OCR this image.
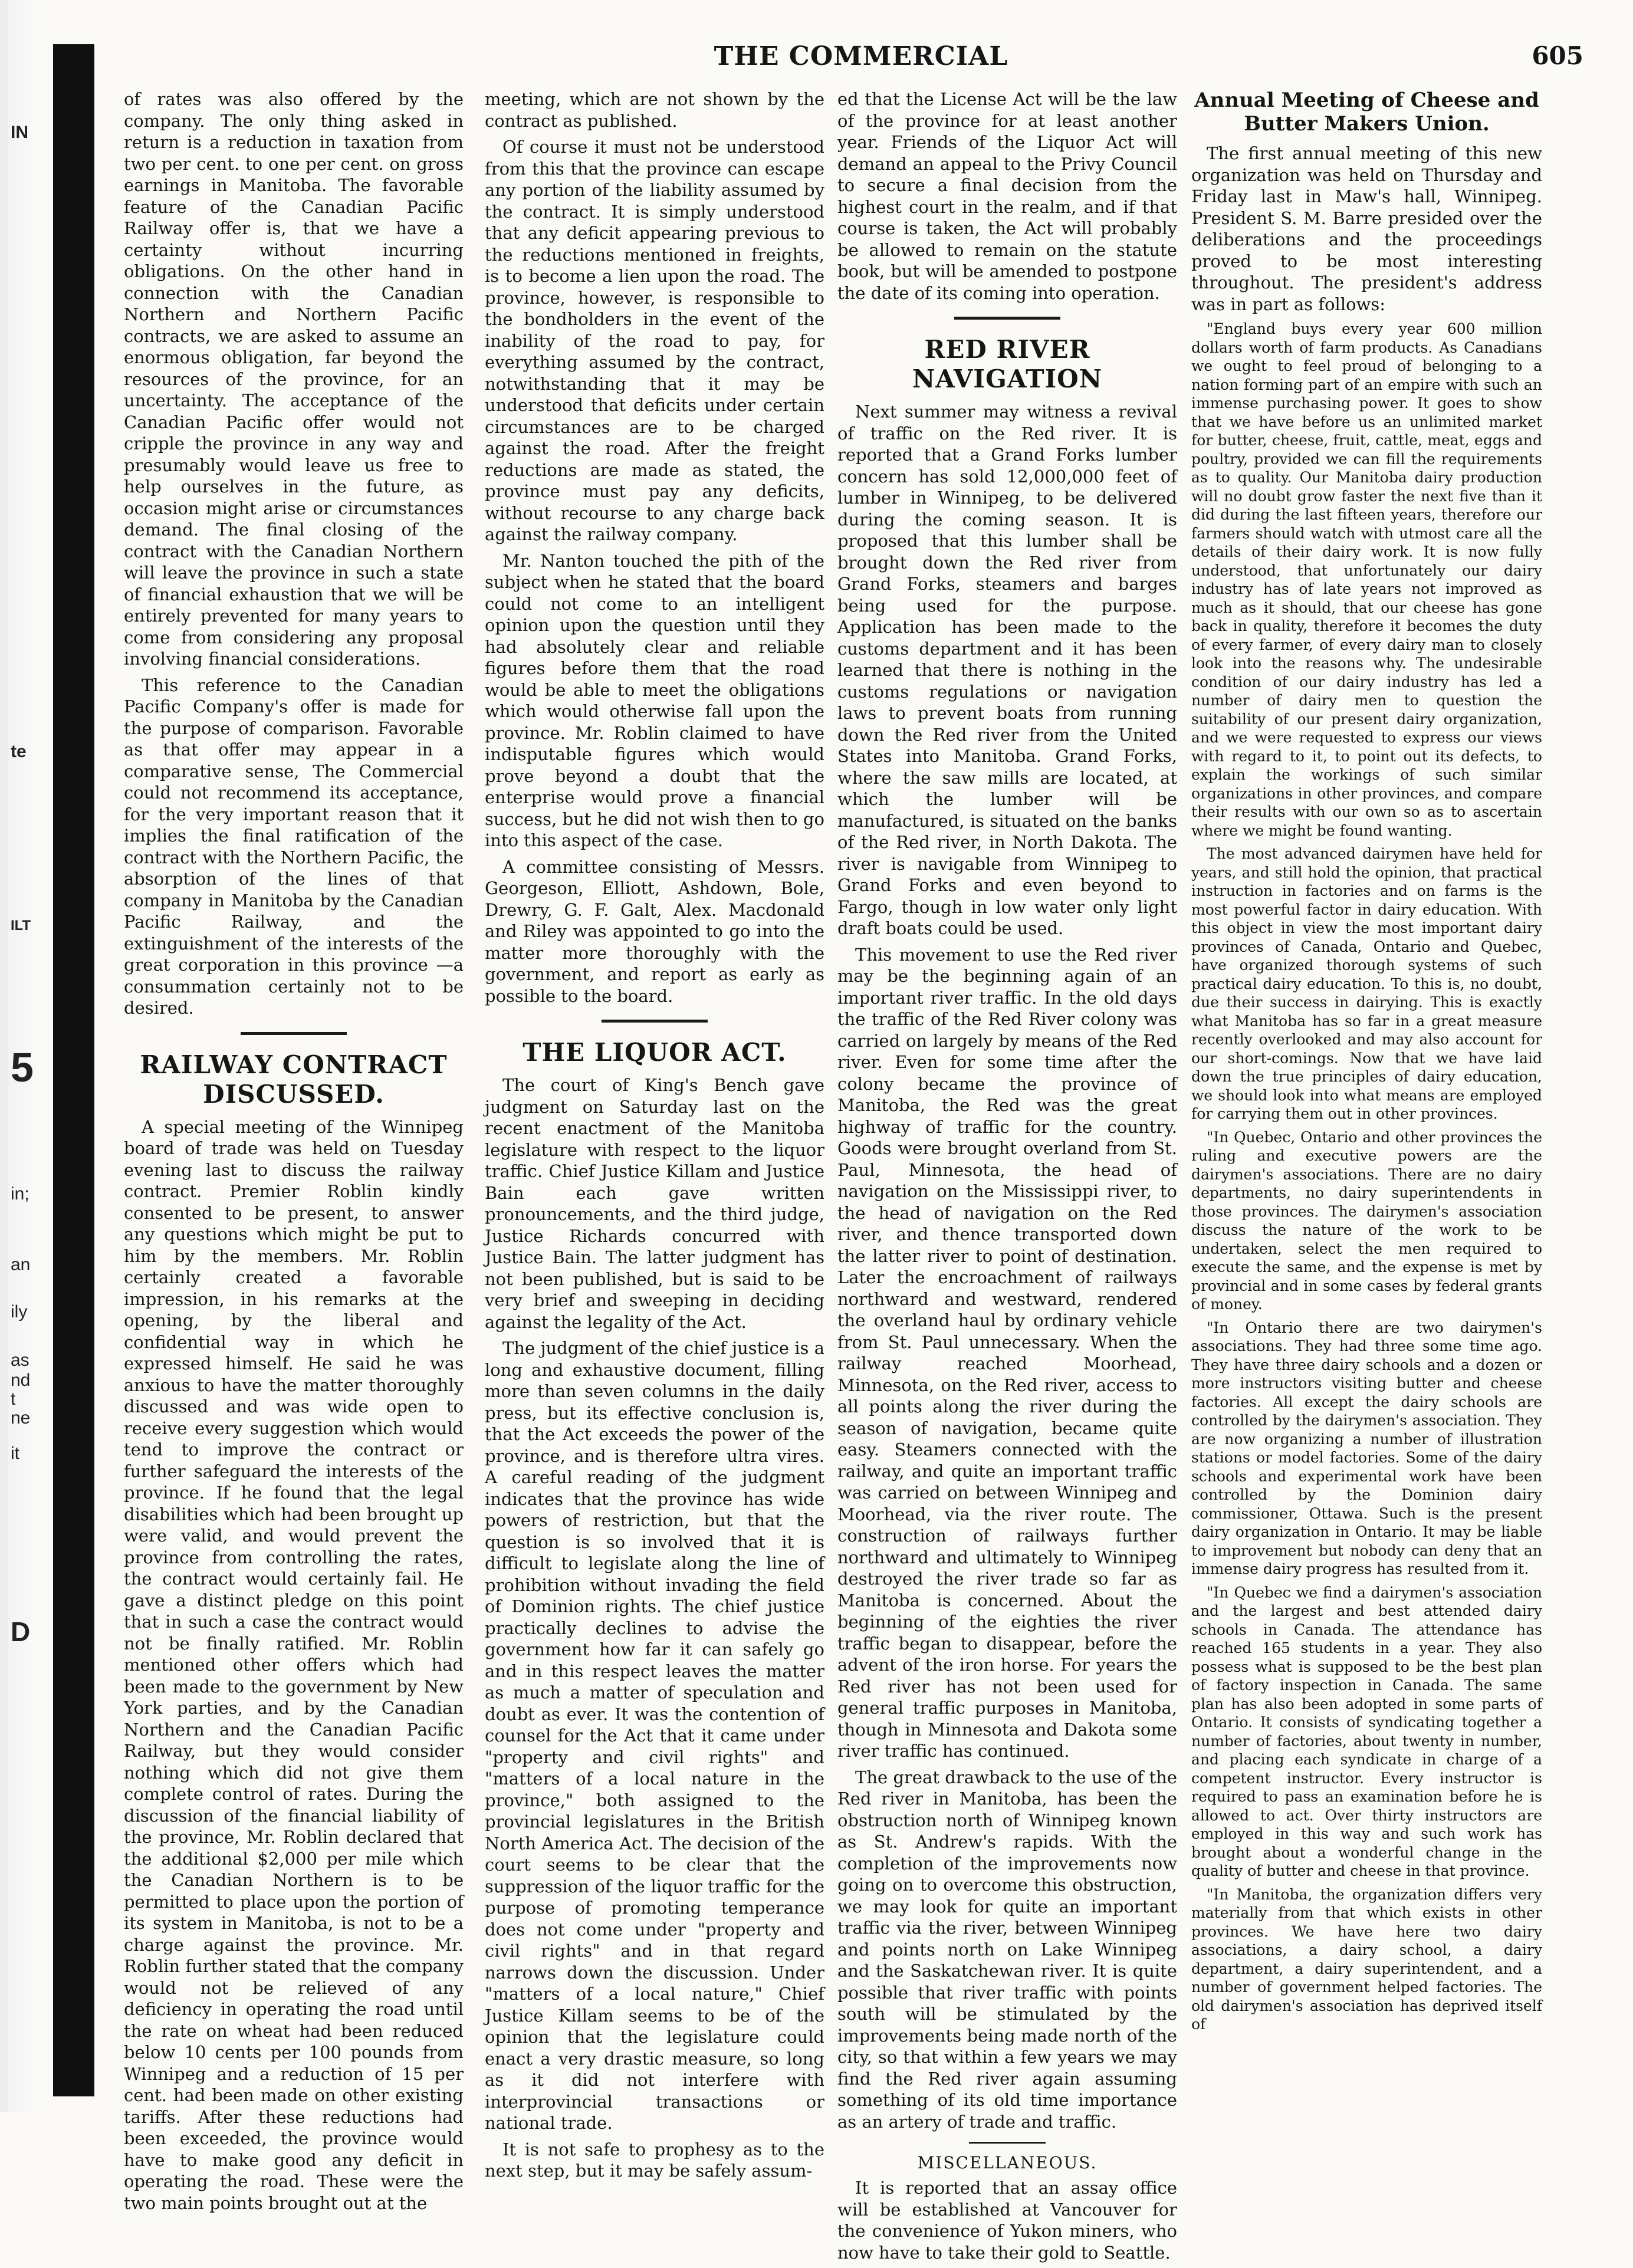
IN
te
ILT
5
in;
an
ily
as
nd
t
ne
it
D
THE COMMERCIAL	605

of rates was also offered by the company. The only thing asked in return is a reduction in taxation from two per cent. to one per cent. on gross earnings in Manitoba. The favorable feature of the Canadian Pacific Railway offer is, that we have a certainty without incurring obligations. On the other hand in connection with the Canadian Northern and Northern Pacific contracts, we are asked to assume an enormous obligation, far beyond the resources of the province, for an uncertainty. The acceptance of the Canadian Pacific offer would not cripple the province in any way and presumably would leave us free to help ourselves in the future, as occasion might arise or circumstances demand. The final closing of the contract with the Canadian Northern will leave the province in such a state of financial exhaustion that we will be entirely prevented for many years to come from considering any proposal involving financial considerations.

This reference to the Canadian Pacific Company's offer is made for the purpose of comparison. Favorable as that offer may appear in a comparative sense, The Commercial could not recommend its acceptance, for the very important reason that it implies the final ratification of the contract with the Northern Pacific, the absorption of the lines of that company in Manitoba by the Canadian Pacific Railway, and the extinguishment of the interests of the great corporation in this province —a consummation certainly not to be desired.

RAILWAY CONTRACT DISCUSSED.

A special meeting of the Winnipeg board of trade was held on Tuesday evening last to discuss the railway contract. Premier Roblin kindly consented to be present, to answer any questions which might be put to him by the members. Mr. Roblin certainly created a favorable impression, in his remarks at the opening, by the liberal and confidential way in which he expressed himself. He said he was anxious to have the matter thoroughly discussed and was wide open to receive every suggestion which would tend to improve the contract or further safeguard the interests of the province. If he found that the legal disabilities which had been brought up were valid, and would prevent the province from controlling the rates, the contract would certainly fail. He gave a distinct pledge on this point that in such a case the contract would not be finally ratified. Mr. Roblin mentioned other offers which had been made to the government by New York parties, and by the Canadian Northern and the Canadian Pacific Railway, but they would consider nothing which did not give them complete control of rates. During the discussion of the financial liability of the province, Mr. Roblin declared that the additional $2,000 per mile which the Canadian Northern is to be permitted to place upon the portion of its system in Manitoba, is not to be a charge against the province. Mr. Roblin further stated that the company would not be relieved of any deficiency in operating the road until the rate on wheat had been reduced below 10 cents per 100 pounds from Winnipeg and a reduction of 15 per cent. had been made on other existing tariffs. After these reductions had been exceeded, the province would have to make good any deficit in operating the road. These were the two main points brought out at the

meeting, which are not shown by the contract as published.

Of course it must not be understood from this that the province can escape any portion of the liability assumed by the contract. It is simply understood that any deficit appearing previous to the reductions mentioned in freights, is to become a lien upon the road. The province, however, is responsible to the bondholders in the event of the inability of the road to pay, for everything assumed by the contract, notwithstanding that it may be understood that deficits under certain circumstances are to be charged against the road. After the freight reductions are made as stated, the province must pay any deficits, without recourse to any charge back against the railway company.

Mr. Nanton touched the pith of the subject when he stated that the board could not come to an intelligent opinion upon the question until they had absolutely clear and reliable figures before them that the road would be able to meet the obligations which would otherwise fall upon the province. Mr. Roblin claimed to have indisputable figures which would prove beyond a doubt that the enterprise would prove a financial success, but he did not wish then to go into this aspect of the case.

A committee consisting of Messrs. Georgeson, Elliott, Ashdown, Bole, Drewry, G. F. Galt, Alex. Macdonald and Riley was appointed to go into the matter more thoroughly with the government, and report as early as possible to the board.

THE LIQUOR ACT.

The court of King's Bench gave judgment on Saturday last on the recent enactment of the Manitoba legislature with respect to the liquor traffic. Chief Justice Killam and Justice Bain each gave written pronouncements, and the third judge, Justice Richards concurred with Justice Bain. The latter judgment has not been published, but is said to be very brief and sweeping in deciding against the legality of the Act.

The judgment of the chief justice is a long and exhaustive document, filling more than seven columns in the daily press, but its effective conclusion is, that the Act exceeds the power of the province, and is therefore ultra vires. A careful reading of the judgment indicates that the province has wide powers of restriction, but that the question is so involved that it is difficult to legislate along the line of prohibition without invading the field of Dominion rights. The chief justice practically declines to advise the government how far it can safely go and in this respect leaves the matter as much a matter of speculation and doubt as ever. It was the contention of counsel for the Act that it came under "property and civil rights" and "matters of a local nature in the province," both assigned to the provincial legislatures in the British North America Act. The decision of the court seems to be clear that the suppression of the liquor traffic for the purpose of promoting temperance does not come under "property and civil rights" and in that regard narrows down the discussion. Under "matters of a local nature," Chief Justice Killam seems to be of the opinion that the legislature could enact a very drastic measure, so long as it did not interfere with interprovincial transactions or national trade.

It is not safe to prophesy as to the next step, but it may be safely assum-

ed that the License Act will be the law of the province for at least another year. Friends of the Liquor Act will demand an appeal to the Privy Council to secure a final decision from the highest court in the realm, and if that course is taken, the Act will probably be allowed to remain on the statute book, but will be amended to postpone the date of its coming into operation.

RED RIVER NAVIGATION

Next summer may witness a revival of traffic on the Red river. It is reported that a Grand Forks lumber concern has sold 12,000,000 feet of lumber in Winnipeg, to be delivered during the coming season. It is proposed that this lumber shall be brought down the Red river from Grand Forks, steamers and barges being used for the purpose. Application has been made to the customs department and it has been learned that there is nothing in the customs regulations or navigation laws to prevent boats from running down the Red river from the United States into Manitoba. Grand Forks, where the saw mills are located, at which the lumber will be manufactured, is situated on the banks of the Red river, in North Dakota. The river is navigable from Winnipeg to Grand Forks and even beyond to Fargo, though in low water only light draft boats could be used.

This movement to use the Red river may be the beginning again of an important river traffic. In the old days the traffic of the Red River colony was carried on largely by means of the Red river. Even for some time after the colony became the province of Manitoba, the Red was the great highway of traffic for the country. Goods were brought overland from St. Paul, Minnesota, the head of navigation on the Mississippi river, to the head of navigation on the Red river, and thence transported down the latter river to point of destination. Later the encroachment of railways northward and westward, rendered the overland haul by ordinary vehicle from St. Paul unnecessary. When the railway reached Moorhead, Minnesota, on the Red river, access to all points along the river during the season of navigation, became quite easy. Steamers connected with the railway, and quite an important traffic was carried on between Winnipeg and Moorhead, via the river route. The construction of railways further northward and ultimately to Winnipeg destroyed the river trade so far as Manitoba is concerned. About the beginning of the eighties the river traffic began to disappear, before the advent of the iron horse. For years the Red river has not been used for general traffic purposes in Manitoba, though in Minnesota and Dakota some river traffic has continued.

The great drawback to the use of the Red river in Manitoba, has been the obstruction north of Winnipeg known as St. Andrew's rapids. With the completion of the improvements now going on to overcome this obstruction, we may look for quite an important traffic via the river, between Winnipeg and points north on Lake Winnipeg and the Saskatchewan river. It is quite possible that river traffic with points south will be stimulated by the improvements being made north of the city, so that within a few years we may find the Red river again assuming something of its old time importance as an artery of trade and traffic.

MISCELLANEOUS.

It is reported that an assay office will be established at Vancouver for the convenience of Yukon miners, who now have to take their gold to Seattle.

Annual Meeting of Cheese and Butter Makers Union.

The first annual meeting of this new organization was held on Thursday and Friday last in Maw's hall, Winnipeg. President S. M. Barre presided over the deliberations and the proceedings proved to be most interesting throughout. The president's address was in part as follows:

"England buys every year 600 million dollars worth of farm products. As Canadians we ought to feel proud of belonging to a nation forming part of an empire with such an immense purchasing power. It goes to show that we have before us an unlimited market for butter, cheese, fruit, cattle, meat, eggs and poultry, provided we can fill the requirements as to quality. Our Manitoba dairy production will no doubt grow faster the next five than it did during the last fifteen years, therefore our farmers should watch with utmost care all the details of their dairy work. It is now fully understood, that unfortunately our dairy industry has of late years not improved as much as it should, that our cheese has gone back in quality, therefore it becomes the duty of every farmer, of every dairy man to closely look into the reasons why. The undesirable condition of our dairy industry has led a number of dairy men to question the suitability of our present dairy organization, and we were requested to express our views with regard to it, to point out its defects, to explain the workings of such similar organizations in other provinces, and compare their results with our own so as to ascertain where we might be found wanting.

The most advanced dairymen have held for years, and still hold the opinion, that practical instruction in factories and on farms is the most powerful factor in dairy education. With this object in view the most important dairy provinces of Canada, Ontario and Quebec, have organized thorough systems of such practical dairy education. To this is, no doubt, due their success in dairying. This is exactly what Manitoba has so far in a great measure recently overlooked and may also account for our short-comings. Now that we have laid down the true principles of dairy education, we should look into what means are employed for carrying them out in other provinces.

"In Quebec, Ontario and other provinces the ruling and executive powers are the dairymen's associations. There are no dairy departments, no dairy superintendents in those provinces. The dairymen's association discuss the nature of the work to be undertaken, select the men required to execute the same, and the expense is met by provincial and in some cases by federal grants of money.

"In Ontario there are two dairymen's associations. They had three some time ago. They have three dairy schools and a dozen or more instructors visiting butter and cheese factories. All except the dairy schools are controlled by the dairymen's association. They are now organizing a number of illustration stations or model factories. Some of the dairy schools and experimental work have been controlled by the Dominion dairy commissioner, Ottawa. Such is the present dairy organization in Ontario. It may be liable to improvement but nobody can deny that an immense dairy progress has resulted from it.

"In Quebec we find a dairymen's association and the largest and best attended dairy schools in Canada. The attendance has reached 165 students in a year. They also possess what is supposed to be the best plan of factory inspection in Canada. The same plan has also been adopted in some parts of Ontario. It consists of syndicating together a number of factories, about twenty in number, and placing each syndicate in charge of a competent instructor. Every instructor is required to pass an examination before he is allowed to act. Over thirty instructors are employed in this way and such work has brought about a wonderful change in the quality of butter and cheese in that province.

"In Manitoba, the organization differs very materially from that which exists in other provinces. We have here two dairy associations, a dairy school, a dairy department, a dairy superintendent, and a number of government helped factories. The old dairymen's association has deprived itself of
